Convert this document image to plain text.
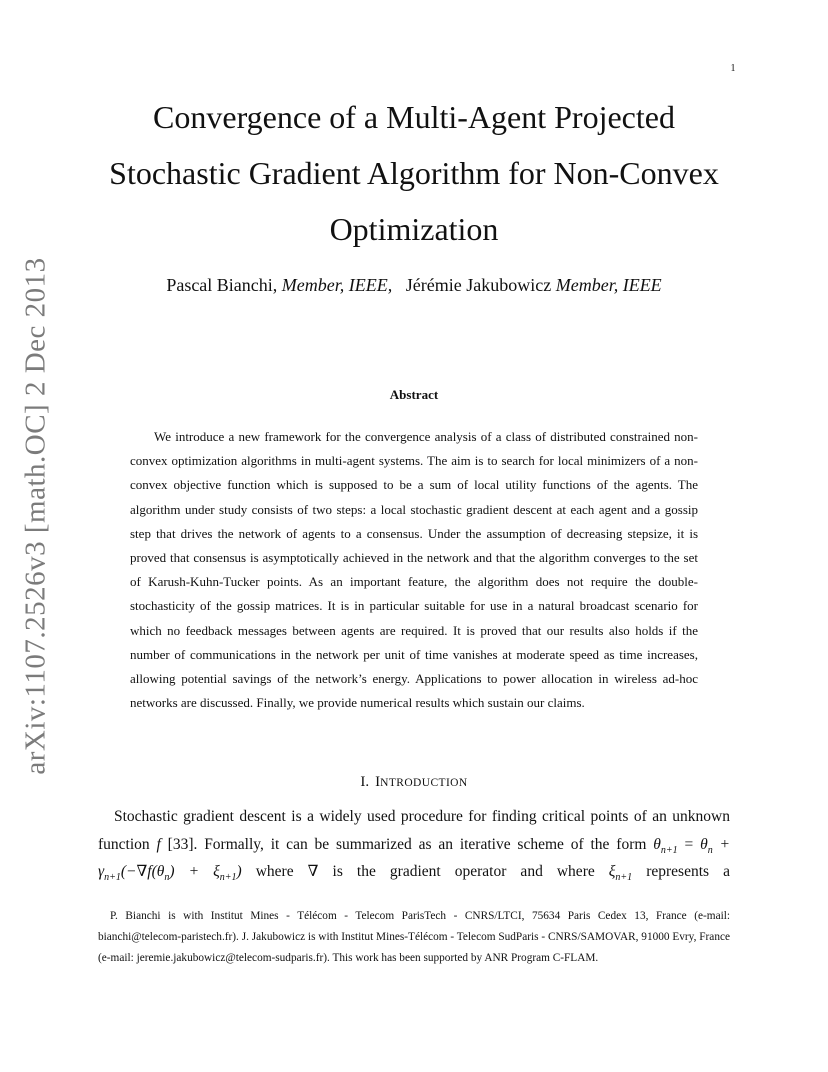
1
arXiv:1107.2526v3 [math.OC] 2 Dec 2013
Convergence of a Multi-Agent Projected
Stochastic Gradient Algorithm for Non-Convex
Optimization
Pascal Bianchi, Member, IEEE, Jérémie Jakubowicz Member, IEEE
Abstract

We introduce a new framework for the convergence analysis of a class of distributed constrained non-convex optimization algorithms in multi-agent systems. The aim is to search for local minimizers of a non-convex objective function which is supposed to be a sum of local utility functions of the agents. The algorithm under study consists of two steps: a local stochastic gradient descent at each agent and a gossip step that drives the network of agents to a consensus. Under the assumption of decreasing stepsize, it is proved that consensus is asymptotically achieved in the network and that the algorithm converges to the set of Karush-Kuhn-Tucker points. As an important feature, the algorithm does not require the double-stochasticity of the gossip matrices. It is in particular suitable for use in a natural broadcast scenario for which no feedback messages between agents are required. It is proved that our results also holds if the number of communications in the network per unit of time vanishes at moderate speed as time increases, allowing potential savings of the network’s energy. Applications to power allocation in wireless ad-hoc networks are discussed. Finally, we provide numerical results which sustain our claims.

I. INTRODUCTION

Stochastic gradient descent is a widely used procedure for finding critical points of an unknown function f [33]. Formally, it can be summarized as an iterative scheme of the form $\theta_{n+1} = \theta_n + \gamma_{n+1}(-\nabla f(\theta_n) + \xi_{n+1})$ where ∇ is the gradient operator and where $\xi_{n+1}$ represents a

P. Bianchi is with Institut Mines - Télécom - Telecom ParisTech - CNRS/LTCI, 75634 Paris Cedex 13, France (e-mail: bianchi@telecom-paristech.fr). J. Jakubowicz is with Institut Mines-Télécom - Telecom SudParis - CNRS/SAMOVAR, 91000 Evry, France (e-mail: jeremie.jakubowicz@telecom-sudparis.fr). This work has been supported by ANR Program C-FLAM.
